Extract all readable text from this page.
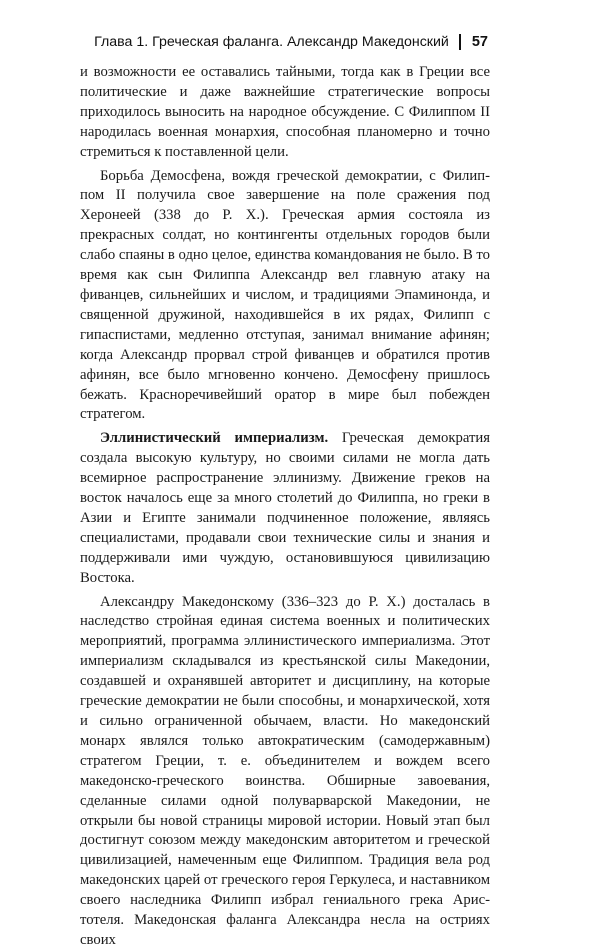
Глава 1. Греческая фаланга. Александр Македонский 57

и возможности ее оставались тайными, тогда как в Греции все политические и даже важнейшие стратегические вопросы приходилось выносить на народное обсуждение. С Филиппом II народилась военная монархия, способная планомерно и точно стремиться к поставленной цели.

Борьба Демосфена, вождя греческой демократии, с Филиппом II получила свое завершение на поле сражения под Херонеей (338 до Р. Х.). Греческая армия состояла из прекрасных солдат, но контингенты отдельных городов были слабо спаяны в одно целое, единства командования не было. В то время как сын Филиппа Александр вел главную атаку на фиванцев, сильнейших и числом, и традициями Эпаминонда, и священной дружиной, находившейся в их рядах, Филипп с гипаспистами, медленно отступая, занимал внимание афинян; когда Александр прорвал строй фиванцев и обратился против афинян, все было мгновенно кончено. Демосфену пришлось бежать. Красноречивейший оратор в мире был побежден стратегом.

Эллинистический империализм. Греческая демократия создала высокую культуру, но своими силами не могла дать всемирное распространение эллинизму. Движение греков на восток началось еще за много столетий до Филиппа, но греки в Азии и Египте занимали подчиненное положение, являясь специалистами, продавали свои технические силы и знания и поддерживали ими чуждую, остановившуюся цивилизацию Востока.

Александру Македонскому (336–323 до Р. Х.) досталась в наследство стройная единая система военных и политических мероприятий, программа эллинистического империализма. Этот империализм складывался из крестьянской силы Македонии, создавшей и охранявшей авторитет и дисциплину, на которые греческие демократии не были способны, и монархической, хотя и сильно ограниченной обычаем, власти. Но македонский монарх являлся только автократическим (самодержавным) стратегом Греции, т. е. объединителем и вождем всего македонско-греческого воинства. Обширные завоевания, сделанные силами одной полуварварской Македонии, не открыли бы новой страницы мировой истории. Новый этап был достигнут союзом между македонским авторитетом и греческой цивилизацией, намеченным еще Филиппом. Традиция вела род македонских царей от греческого героя Геркулеса, и наставником своего наследника Филипп избрал гениального грека Аристотеля. Македонская фаланга Александра несла на остриях своих
